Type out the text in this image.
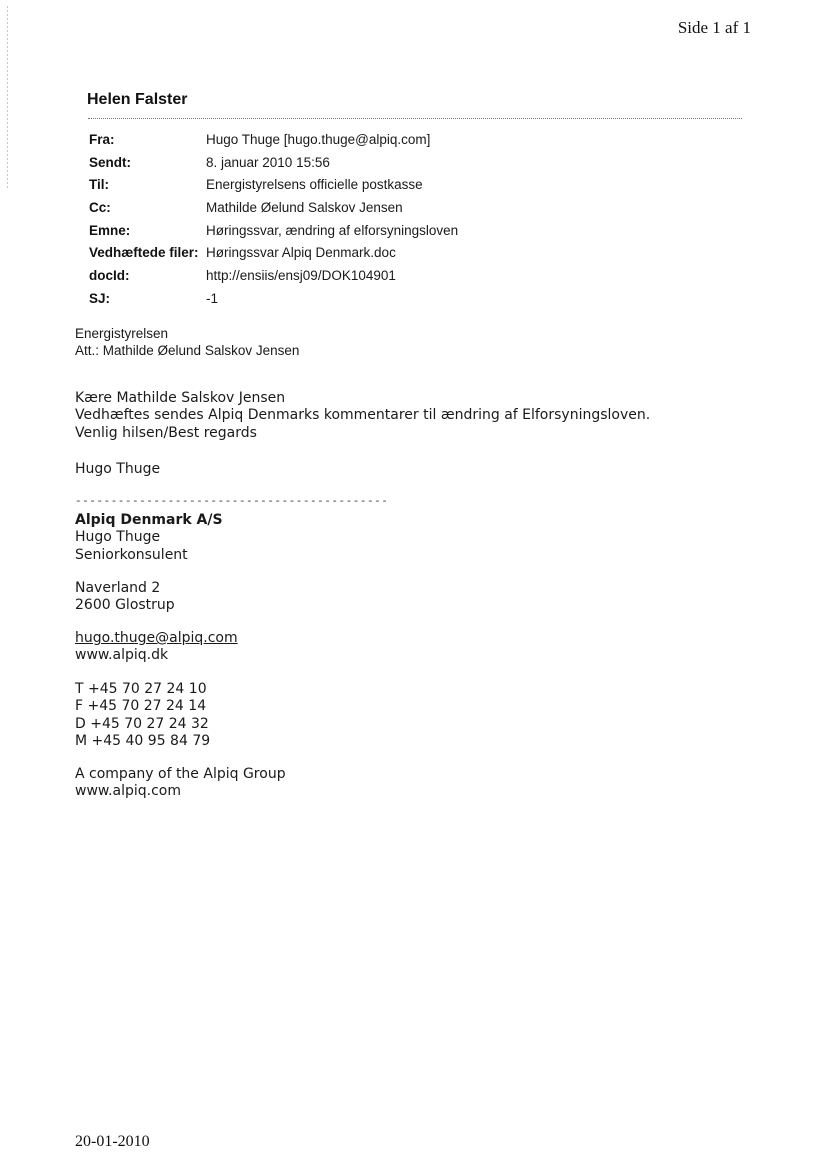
Side 1 af 1
Helen Falster
Fra:	Hugo Thuge [hugo.thuge@alpiq.com]
Sendt:	8. januar 2010 15:56
Til:	Energistyrelsens officielle postkasse
Cc:	Mathilde Øelund Salskov Jensen
Emne:	Høringssvar, ændring af elforsyningsloven
Vedhæftede filer: Høringssvar Alpiq Denmark.doc
docId:	http://ensiis/ensj09/DOK104901
SJ:	-1
Energistyrelsen
Att.: Mathilde Øelund Salskov Jensen
Kære Mathilde Salskov Jensen
Vedhæftes sendes Alpiq Denmarks kommentarer til ændring af Elforsyningsloven.
Venlig hilsen/Best regards
Hugo Thuge
--------------------------------------------
Alpiq Denmark A/S
Hugo Thuge
Seniorkonsulent
Naverland 2
2600 Glostrup
hugo.thuge@alpiq.com
www.alpiq.dk
T +45 70 27 24 10
F +45 70 27 24 14
D +45 70 27 24 32
M +45 40 95 84 79
A company of the Alpiq Group
www.alpiq.com
20-01-2010
